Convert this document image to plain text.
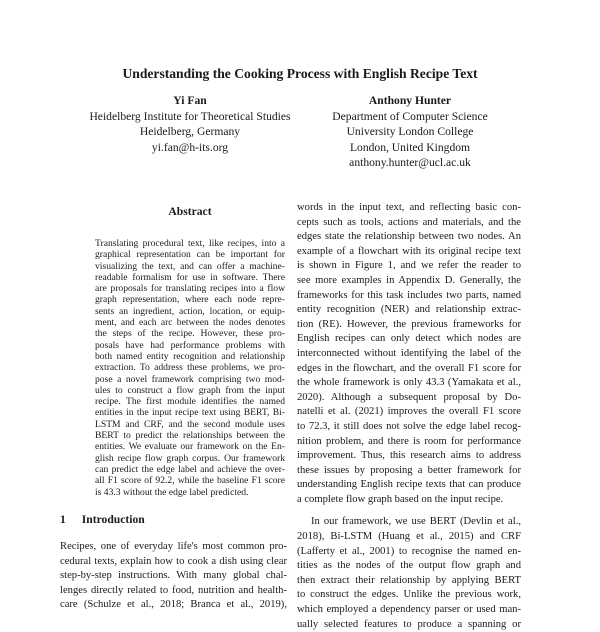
Understanding the Cooking Process with English Recipe Text
Yi Fan
Heidelberg Institute for Theoretical Studies
Heidelberg, Germany
yi.fan@h-its.org
Anthony Hunter
Department of Computer Science
University London College
London, United Kingdom
anthony.hunter@ucl.ac.uk
Abstract
Translating procedural text, like recipes, into a
graphical representation can be important for
visualizing the text, and can offer a machine-
readable formalism for use in software. There
are proposals for translating recipes into a flow
graph representation, where each node repre-
sents an ingredient, action, location, or equip-
ment, and each arc between the nodes denotes
the steps of the recipe. However, these pro-
posals have had performance problems with
both named entity recognition and relationship
extraction. To address these problems, we pro-
pose a novel framework comprising two mod-
ules to construct a flow graph from the input
recipe. The first module identifies the named
entities in the input recipe text using BERT, Bi-
LSTM and CRF, and the second module uses
BERT to predict the relationships between the
entities. We evaluate our framework on the En-
glish recipe flow graph corpus. Our framework
can predict the edge label and achieve the over-
all F1 score of 92.2, while the baseline F1 score
is 43.3 without the edge label predicted.
1 Introduction
Recipes, one of everyday life's most common pro-
cedural texts, explain how to cook a dish using clear
step-by-step instructions. With many global chal-
lenges directly related to food, nutrition and health-
care (Schulze et al., 2018; Branca et al., 2019),
words in the input text, and reflecting basic con-
cepts such as tools, actions and materials, and the
edges state the relationship between two nodes. An
example of a flowchart with its original recipe text
is shown in Figure 1, and we refer the reader to
see more examples in Appendix D. Generally, the
frameworks for this task includes two parts, named
entity recognition (NER) and relationship extrac-
tion (RE). However, the previous frameworks for
English recipes can only detect which nodes are
interconnected without identifying the label of the
edges in the flowchart, and the overall F1 score for
the whole framework is only 43.3 (Yamakata et al.,
2020). Although a subsequent proposal by Do-
natelli et al. (2021) improves the overall F1 score
to 72.3, it still does not solve the edge label recog-
nition problem, and there is room for performance
improvement. Thus, this research aims to address
these issues by proposing a better framework for
understanding English recipe texts that can produce
a complete flow graph based on the input recipe.
In our framework, we use BERT (Devlin et al.,
2018), Bi-LSTM (Huang et al., 2015) and CRF
(Lafferty et al., 2001) to recognise the named en-
tities as the nodes of the output flow graph and
then extract their relationship by applying BERT
to construct the edges. Unlike the previous work,
which employed a dependency parser or used man-
ually selected features to produce a spanning or
